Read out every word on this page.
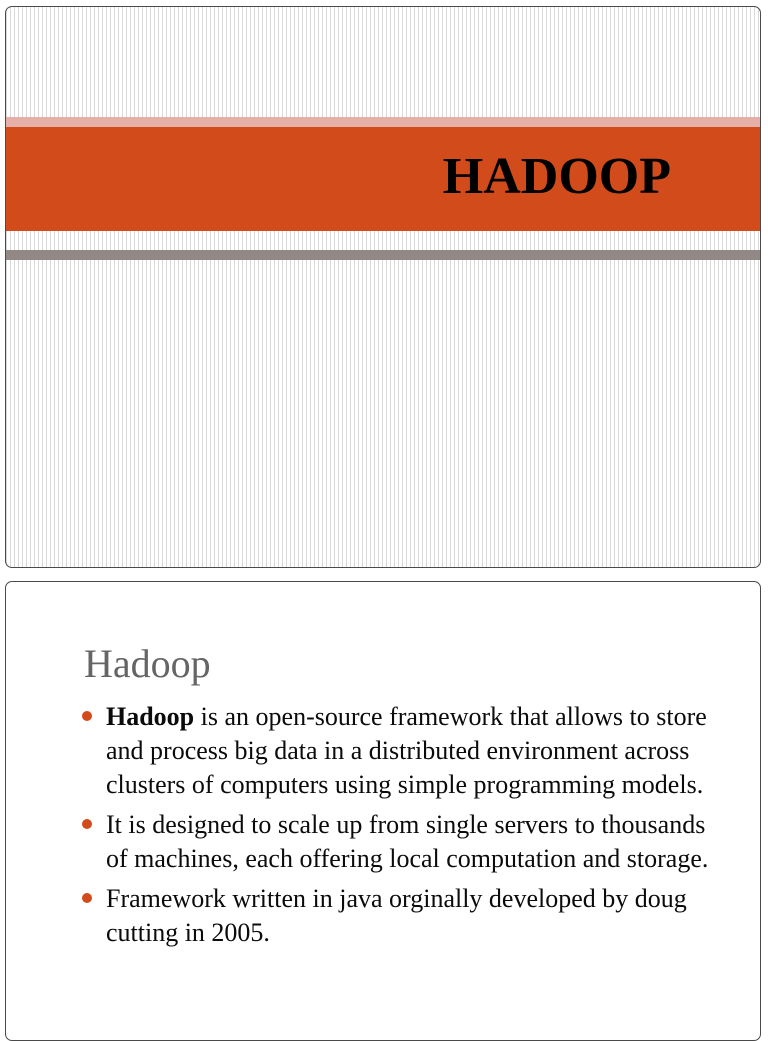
HADOOP
Hadoop
Hadoop is an open-source framework that allows to store and process big data in a distributed environment across clusters of computers using simple programming models.
It is designed to scale up from single servers to thousands of machines, each offering local computation and storage.
Framework written in java orginally developed by doug cutting in 2005.
